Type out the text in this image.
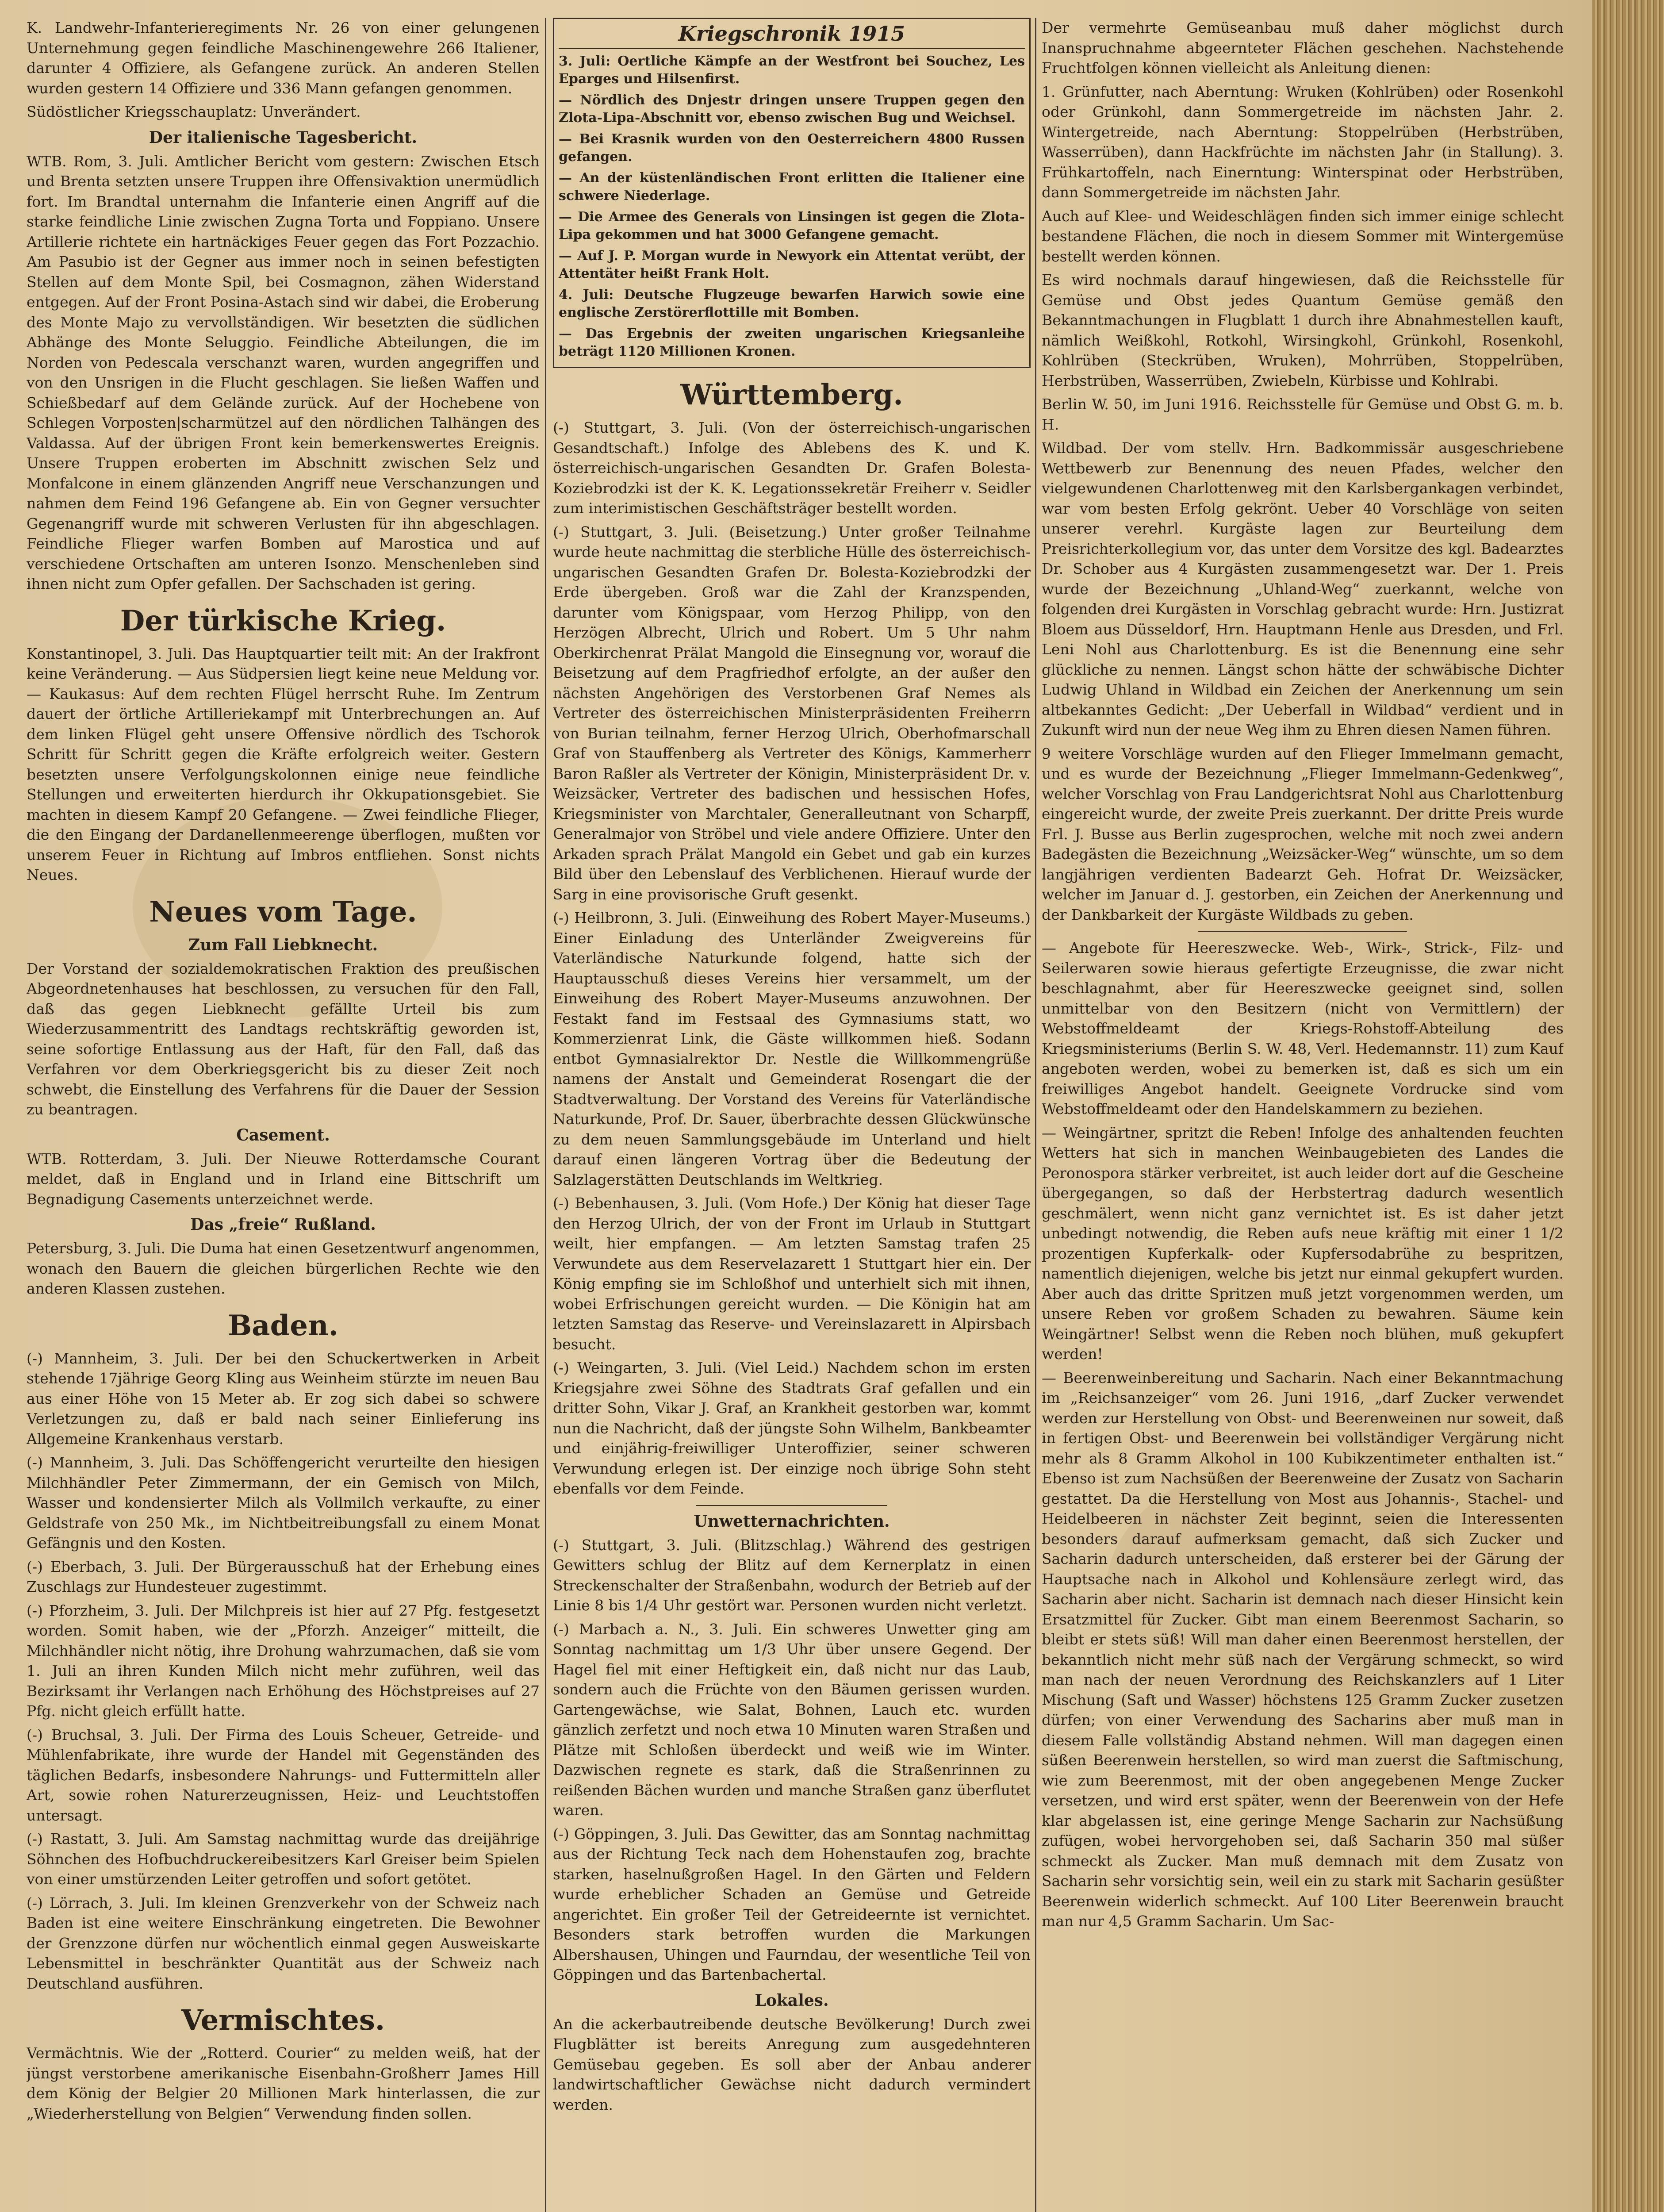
K. Landwehr-Infanterieregiments Nr. 26 von einer gelungenen Unternehmung gegen feindliche Maschinengewehre 266 Italiener, darunter 4 Offiziere, als Gefangene zurück. An anderen Stellen wurden gestern 14 Offiziere und 336 Mann gefangen genommen.

Südöstlicher Kriegsschauplatz: Unverändert.

Der italienische Tagesbericht.

WTB. Rom, 3. Juli. Amtlicher Bericht vom gestern: Zwischen Etsch und Brenta setzten unsere Truppen ihre Offensivaktion unermüdlich fort. Im Brandtal unternahm die Infanterie einen Angriff auf die starke feindliche Linie zwischen Zugna Torta und Foppiano. Unsere Artillerie richtete ein hartnäckiges Feuer gegen das Fort Pozzachio. Am Pasubio ist der Gegner aus immer noch in seinen befestigten Stellen auf dem Monte Spil, bei Cosmagnon, zähen Widerstand entgegen. Auf der Front Posina-Astach sind wir dabei, die Eroberung des Monte Majo zu vervollständigen. Wir besetzten die südlichen Abhänge des Monte Seluggio. Feindliche Abteilungen, die im Norden von Pedescala verschanzt waren, wurden angegriffen und von den Unsrigen in die Flucht geschlagen. Sie ließen Waffen und Schießbedarf auf dem Gelände zurück. Auf der Hochebene von Schlegen Vorposten|scharmützel auf den nördlichen Talhängen des Valdassa. Auf der übrigen Front kein bemerkenswertes Ereignis. Unsere Truppen eroberten im Abschnitt zwischen Selz und Monfalcone in einem glänzenden Angriff neue Verschanzungen und nahmen dem Feind 196 Gefangene ab. Ein von Gegner versuchter Gegenangriff wurde mit schweren Verlusten für ihn abgeschlagen. Feindliche Flieger warfen Bomben auf Marostica und auf verschiedene Ortschaften am unteren Isonzo. Menschenleben sind ihnen nicht zum Opfer gefallen. Der Sachschaden ist gering.

Der türkische Krieg.

Konstantinopel, 3. Juli. Das Hauptquartier teilt mit: An der Irakfront keine Veränderung. — Aus Südpersien liegt keine neue Meldung vor. — Kaukasus: Auf dem rechten Flügel herrscht Ruhe. Im Zentrum dauert der örtliche Artilleriekampf mit Unterbrechungen an. Auf dem linken Flügel geht unsere Offensive nördlich des Tschorok Schritt für Schritt gegen die Kräfte erfolgreich weiter. Gestern besetzten unsere Verfolgungskolonnen einige neue feindliche Stellungen und erweiterten hierdurch ihr Okkupationsgebiet. Sie machten in diesem Kampf 20 Gefangene. — Zwei feindliche Flieger, die den Eingang der Dardanellenmeerenge überflogen, mußten vor unserem Feuer in Richtung auf Imbros entfliehen. Sonst nichts Neues.

Neues vom Tage.
Zum Fall Liebknecht.

Der Vorstand der sozialdemokratischen Fraktion des preußischen Abgeordnetenhauses hat beschlossen, zu versuchen für den Fall, daß das gegen Liebknecht gefällte Urteil bis zum Wiederzusammentritt des Landtags rechtskräftig geworden ist, seine sofortige Entlassung aus der Haft, für den Fall, daß das Verfahren vor dem Oberkriegsgericht bis zu dieser Zeit noch schwebt, die Einstellung des Verfahrens für die Dauer der Session zu beantragen.

Casement.

WTB. Rotterdam, 3. Juli. Der Nieuwe Rotterdamsche Courant meldet, daß in England und in Irland eine Bittschrift um Begnadigung Casements unterzeichnet werde.

Das „freie“ Rußland.

Petersburg, 3. Juli. Die Duma hat einen Gesetzentwurf angenommen, wonach den Bauern die gleichen bürgerlichen Rechte wie den anderen Klassen zustehen.

Baden.

(-) Mannheim, 3. Juli. Der bei den Schuckertwerken in Arbeit stehende 17jährige Georg Kling aus Weinheim stürzte im neuen Bau aus einer Höhe von 15 Meter ab. Er zog sich dabei so schwere Verletzungen zu, daß er bald nach seiner Einlieferung ins Allgemeine Krankenhaus verstarb.

(-) Mannheim, 3. Juli. Das Schöffengericht verurteilte den hiesigen Milchhändler Peter Zimmermann, der ein Gemisch von Milch, Wasser und kondensierter Milch als Vollmilch verkaufte, zu einer Geldstrafe von 250 Mk., im Nichtbeitreibungsfall zu einem Monat Gefängnis und den Kosten.

(-) Eberbach, 3. Juli. Der Bürgerausschuß hat der Erhebung eines Zuschlags zur Hundesteuer zugestimmt.

(-) Pforzheim, 3. Juli. Der Milchpreis ist hier auf 27 Pfg. festgesetzt worden. Somit haben, wie der „Pforzh. Anzeiger“ mitteilt, die Milchhändler nicht nötig, ihre Drohung wahrzumachen, daß sie vom 1. Juli an ihren Kunden Milch nicht mehr zuführen, weil das Bezirksamt ihr Verlangen nach Erhöhung des Höchstpreises auf 27 Pfg. nicht gleich erfüllt hatte.

(-) Bruchsal, 3. Juli. Der Firma des Louis Scheuer, Getreide- und Mühlenfabrikate, ihre wurde der Handel mit Gegenständen des täglichen Bedarfs, insbesondere Nahrungs- und Futtermitteln aller Art, sowie rohen Naturerzeugnissen, Heiz- und Leuchtstoffen untersagt.

(-) Rastatt, 3. Juli. Am Samstag nachmittag wurde das dreijährige Söhnchen des Hofbuchdruckereibesitzers Karl Greiser beim Spielen von einer umstürzenden Leiter getroffen und sofort getötet.

(-) Lörrach, 3. Juli. Im kleinen Grenzverkehr von der Schweiz nach Baden ist eine weitere Einschränkung eingetreten. Die Bewohner der Grenzzone dürfen nur wöchentlich einmal gegen Ausweiskarte Lebensmittel in beschränkter Quantität aus der Schweiz nach Deutschland ausführen.

Vermischtes.

Vermächtnis. Wie der „Rotterd. Courier“ zu melden weiß, hat der jüngst verstorbene amerikanische Eisenbahn-Großherr James Hill dem König der Belgier 20 Millionen Mark hinterlassen, die zur „Wiederherstellung von Belgien“ Verwendung finden sollen.

Kriegschronik 1915

3. Juli: Oertliche Kämpfe an der Westfront bei Souchez, Les Eparges und Hilsenfirst.

— Nördlich des Dnjestr dringen unsere Truppen gegen den Zlota-Lipa-Abschnitt vor, ebenso zwischen Bug und Weichsel.

— Bei Krasnik wurden von den Oesterreichern 4800 Russen gefangen.

— An der küstenländischen Front erlitten die Italiener eine schwere Niederlage.

— Die Armee des Generals von Linsingen ist gegen die Zlota-Lipa gekommen und hat 3000 Gefangene gemacht.

— Auf J. P. Morgan wurde in Newyork ein Attentat verübt, der Attentäter heißt Frank Holt.

4. Juli: Deutsche Flugzeuge bewarfen Harwich sowie eine englische Zerstörerflottille mit Bomben.

— Das Ergebnis der zweiten ungarischen Kriegsanleihe beträgt 1120 Millionen Kronen.

Württemberg.

(-) Stuttgart, 3. Juli. (Von der österreichisch-ungarischen Gesandtschaft.) Infolge des Ablebens des K. und K. österreichisch-ungarischen Gesandten Dr. Grafen Bolesta-Koziebrodzki ist der K. K. Legationssekretär Freiherr v. Seidler zum interimistischen Geschäftsträger bestellt worden.

(-) Stuttgart, 3. Juli. (Beisetzung.) Unter großer Teilnahme wurde heute nachmittag die sterbliche Hülle des österreichisch-ungarischen Gesandten Grafen Dr. Bolesta-Koziebrodzki der Erde übergeben. Groß war die Zahl der Kranzspenden, darunter vom Königspaar, vom Herzog Philipp, von den Herzögen Albrecht, Ulrich und Robert. Um 5 Uhr nahm Oberkirchenrat Prälat Mangold die Einsegnung vor, worauf die Beisetzung auf dem Pragfriedhof erfolgte, an der außer den nächsten Angehörigen des Verstorbenen Graf Nemes als Vertreter des österreichischen Ministerpräsidenten Freiherrn von Burian teilnahm, ferner Herzog Ulrich, Oberhofmarschall Graf von Stauffenberg als Vertreter des Königs, Kammerherr Baron Raßler als Vertreter der Königin, Ministerpräsident Dr. v. Weizsäcker, Vertreter des badischen und hessischen Hofes, Kriegsminister von Marchtaler, Generalleutnant von Scharpff, Generalmajor von Ströbel und viele andere Offiziere. Unter den Arkaden sprach Prälat Mangold ein Gebet und gab ein kurzes Bild über den Lebenslauf des Verblichenen. Hierauf wurde der Sarg in eine provisorische Gruft gesenkt.

(-) Heilbronn, 3. Juli. (Einweihung des Robert Mayer-Museums.) Einer Einladung des Unterländer Zweigvereins für Vaterländische Naturkunde folgend, hatte sich der Hauptausschuß dieses Vereins hier versammelt, um der Einweihung des Robert Mayer-Museums anzuwohnen. Der Festakt fand im Festsaal des Gymnasiums statt, wo Kommerzienrat Link, die Gäste willkommen hieß. Sodann entbot Gymnasialrektor Dr. Nestle die Willkommengrüße namens der Anstalt und Gemeinderat Rosengart die der Stadtverwaltung. Der Vorstand des Vereins für Vaterländische Naturkunde, Prof. Dr. Sauer, überbrachte dessen Glückwünsche zu dem neuen Sammlungsgebäude im Unterland und hielt darauf einen längeren Vortrag über die Bedeutung der Salzlagerstätten Deutschlands im Weltkrieg.

(-) Bebenhausen, 3. Juli. (Vom Hofe.) Der König hat dieser Tage den Herzog Ulrich, der von der Front im Urlaub in Stuttgart weilt, hier empfangen. — Am letzten Samstag trafen 25 Verwundete aus dem Reservelazarett 1 Stuttgart hier ein. Der König empfing sie im Schloßhof und unterhielt sich mit ihnen, wobei Erfrischungen gereicht wurden. — Die Königin hat am letzten Samstag das Reserve- und Vereinslazarett in Alpirsbach besucht.

(-) Weingarten, 3. Juli. (Viel Leid.) Nachdem schon im ersten Kriegsjahre zwei Söhne des Stadtrats Graf gefallen und ein dritter Sohn, Vikar J. Graf, an Krankheit gestorben war, kommt nun die Nachricht, daß der jüngste Sohn Wilhelm, Bankbeamter und einjährig-freiwilliger Unteroffizier, seiner schweren Verwundung erlegen ist. Der einzige noch übrige Sohn steht ebenfalls vor dem Feinde.

Unwetternachrichten.

(-) Stuttgart, 3. Juli. (Blitzschlag.) Während des gestrigen Gewitters schlug der Blitz auf dem Kernerplatz in einen Streckenschalter der Straßenbahn, wodurch der Betrieb auf der Linie 8 bis 1/4 Uhr gestört war. Personen wurden nicht verletzt.

(-) Marbach a. N., 3. Juli. Ein schweres Unwetter ging am Sonntag nachmittag um 1/3 Uhr über unsere Gegend. Der Hagel fiel mit einer Heftigkeit ein, daß nicht nur das Laub, sondern auch die Früchte von den Bäumen gerissen wurden. Gartengewächse, wie Salat, Bohnen, Lauch etc. wurden gänzlich zerfetzt und noch etwa 10 Minuten waren Straßen und Plätze mit Schloßen überdeckt und weiß wie im Winter. Dazwischen regnete es stark, daß die Straßenrinnen zu reißenden Bächen wurden und manche Straßen ganz überflutet waren.

(-) Göppingen, 3. Juli. Das Gewitter, das am Sonntag nachmittag aus der Richtung Teck nach dem Hohenstaufen zog, brachte starken, haselnußgroßen Hagel. In den Gärten und Feldern wurde erheblicher Schaden an Gemüse und Getreide angerichtet. Ein großer Teil der Getreideernte ist vernichtet. Besonders stark betroffen wurden die Markungen Albershausen, Uhingen und Faurndau, der wesentliche Teil von Göppingen und das Bartenbachertal.

Lokales.

An die ackerbautreibende deutsche Bevölkerung! Durch zwei Flugblätter ist bereits Anregung zum ausgedehnteren Gemüsebau gegeben. Es soll aber der Anbau anderer landwirtschaftlicher Gewächse nicht dadurch vermindert werden.

Der vermehrte Gemüseanbau muß daher möglichst durch Inanspruchnahme abgeernteter Flächen geschehen. Nachstehende Fruchtfolgen können vielleicht als Anleitung dienen:

1. Grünfutter, nach Aberntung: Wruken (Kohlrüben) oder Rosenkohl oder Grünkohl, dann Sommergetreide im nächsten Jahr. 2. Wintergetreide, nach Aberntung: Stoppelrüben (Herbstrüben, Wasserrüben), dann Hackfrüchte im nächsten Jahr (in Stallung). 3. Frühkartoffeln, nach Einerntung: Winterspinat oder Herbstrüben, dann Sommergetreide im nächsten Jahr.

Auch auf Klee- und Weideschlägen finden sich immer einige schlecht bestandene Flächen, die noch in diesem Sommer mit Wintergemüse bestellt werden können.

Es wird nochmals darauf hingewiesen, daß die Reichsstelle für Gemüse und Obst jedes Quantum Gemüse gemäß den Bekanntmachungen in Flugblatt 1 durch ihre Abnahmestellen kauft, nämlich Weißkohl, Rotkohl, Wirsingkohl, Grünkohl, Rosenkohl, Kohlrüben (Steckrüben, Wruken), Mohrrüben, Stoppelrüben, Herbstrüben, Wasserrüben, Zwiebeln, Kürbisse und Kohlrabi.

Berlin W. 50, im Juni 1916. Reichsstelle für Gemüse und Obst G. m. b. H.

Wildbad. Der vom stellv. Hrn. Badkommissär ausgeschriebene Wettbewerb zur Benennung des neuen Pfades, welcher den vielgewundenen Charlottenweg mit den Karlsbergankagen verbindet, war vom besten Erfolg gekrönt. Ueber 40 Vorschläge von seiten unserer verehrl. Kurgäste lagen zur Beurteilung dem Preisrichterkollegium vor, das unter dem Vorsitze des kgl. Badearztes Dr. Schober aus 4 Kurgästen zusammengesetzt war. Der 1. Preis wurde der Bezeichnung „Uhland-Weg“ zuerkannt, welche von folgenden drei Kurgästen in Vorschlag gebracht wurde: Hrn. Justizrat Bloem aus Düsseldorf, Hrn. Hauptmann Henle aus Dresden, und Frl. Leni Nohl aus Charlottenburg. Es ist die Benennung eine sehr glückliche zu nennen. Längst schon hätte der schwäbische Dichter Ludwig Uhland in Wildbad ein Zeichen der Anerkennung um sein altbekanntes Gedicht: „Der Ueberfall in Wildbad“ verdient und in Zukunft wird nun der neue Weg ihm zu Ehren diesen Namen führen.

9 weitere Vorschläge wurden auf den Flieger Immelmann gemacht, und es wurde der Bezeichnung „Flieger Immelmann-Gedenkweg“, welcher Vorschlag von Frau Landgerichtsrat Nohl aus Charlottenburg eingereicht wurde, der zweite Preis zuerkannt. Der dritte Preis wurde Frl. J. Busse aus Berlin zugesprochen, welche mit noch zwei andern Badegästen die Bezeichnung „Weizsäcker-Weg“ wünschte, um so dem langjährigen verdienten Badearzt Geh. Hofrat Dr. Weizsäcker, welcher im Januar d. J. gestorben, ein Zeichen der Anerkennung und der Dankbarkeit der Kurgäste Wildbads zu geben.

— Angebote für Heereszwecke. Web-, Wirk-, Strick-, Filz- und Seilerwaren sowie hieraus gefertigte Erzeugnisse, die zwar nicht beschlagnahmt, aber für Heereszwecke geeignet sind, sollen unmittelbar von den Besitzern (nicht von Vermittlern) der Webstoffmeldeamt der Kriegs-Rohstoff-Abteilung des Kriegsministeriums (Berlin S. W. 48, Verl. Hedemannstr. 11) zum Kauf angeboten werden, wobei zu bemerken ist, daß es sich um ein freiwilliges Angebot handelt. Geeignete Vordrucke sind vom Webstoffmeldeamt oder den Handelskammern zu beziehen.

— Weingärtner, spritzt die Reben! Infolge des anhaltenden feuchten Wetters hat sich in manchen Weinbaugebieten des Landes die Peronospora stärker verbreitet, ist auch leider dort auf die Gescheine übergegangen, so daß der Herbstertrag dadurch wesentlich geschmälert, wenn nicht ganz vernichtet ist. Es ist daher jetzt unbedingt notwendig, die Reben aufs neue kräftig mit einer 1 1/2 prozentigen Kupferkalk- oder Kupfersodabrühe zu bespritzen, namentlich diejenigen, welche bis jetzt nur einmal gekupfert wurden. Aber auch das dritte Spritzen muß jetzt vorgenommen werden, um unsere Reben vor großem Schaden zu bewahren. Säume kein Weingärtner! Selbst wenn die Reben noch blühen, muß gekupfert werden!

— Beerenweinbereitung und Sacharin. Nach einer Bekanntmachung im „Reichsanzeiger“ vom 26. Juni 1916, „darf Zucker verwendet werden zur Herstellung von Obst- und Beerenweinen nur soweit, daß in fertigen Obst- und Beerenwein bei vollständiger Vergärung nicht mehr als 8 Gramm Alkohol in 100 Kubikzentimeter enthalten ist.“ Ebenso ist zum Nachsüßen der Beerenweine der Zusatz von Sacharin gestattet. Da die Herstellung von Most aus Johannis-, Stachel- und Heidelbeeren in nächster Zeit beginnt, seien die Interessenten besonders darauf aufmerksam gemacht, daß sich Zucker und Sacharin dadurch unterscheiden, daß ersterer bei der Gärung der Hauptsache nach in Alkohol und Kohlensäure zerlegt wird, das Sacharin aber nicht. Sacharin ist demnach nach dieser Hinsicht kein Ersatzmittel für Zucker. Gibt man einem Beerenmost Sacharin, so bleibt er stets süß! Will man daher einen Beerenmost herstellen, der bekanntlich nicht mehr süß nach der Vergärung schmeckt, so wird man nach der neuen Verordnung des Reichskanzlers auf 1 Liter Mischung (Saft und Wasser) höchstens 125 Gramm Zucker zusetzen dürfen; von einer Verwendung des Sacharins aber muß man in diesem Falle vollständig Abstand nehmen. Will man dagegen einen süßen Beerenwein herstellen, so wird man zuerst die Saftmischung, wie zum Beerenmost, mit der oben angegebenen Menge Zucker versetzen, und wird erst später, wenn der Beerenwein von der Hefe klar abgelassen ist, eine geringe Menge Sacharin zur Nachsüßung zufügen, wobei hervorgehoben sei, daß Sacharin 350 mal süßer schmeckt als Zucker. Man muß demnach mit dem Zusatz von Sacharin sehr vorsichtig sein, weil ein zu stark mit Sacharin gesüßter Beerenwein widerlich schmeckt. Auf 100 Liter Beerenwein braucht man nur 4,5 Gramm Sacharin. Um Sac-
